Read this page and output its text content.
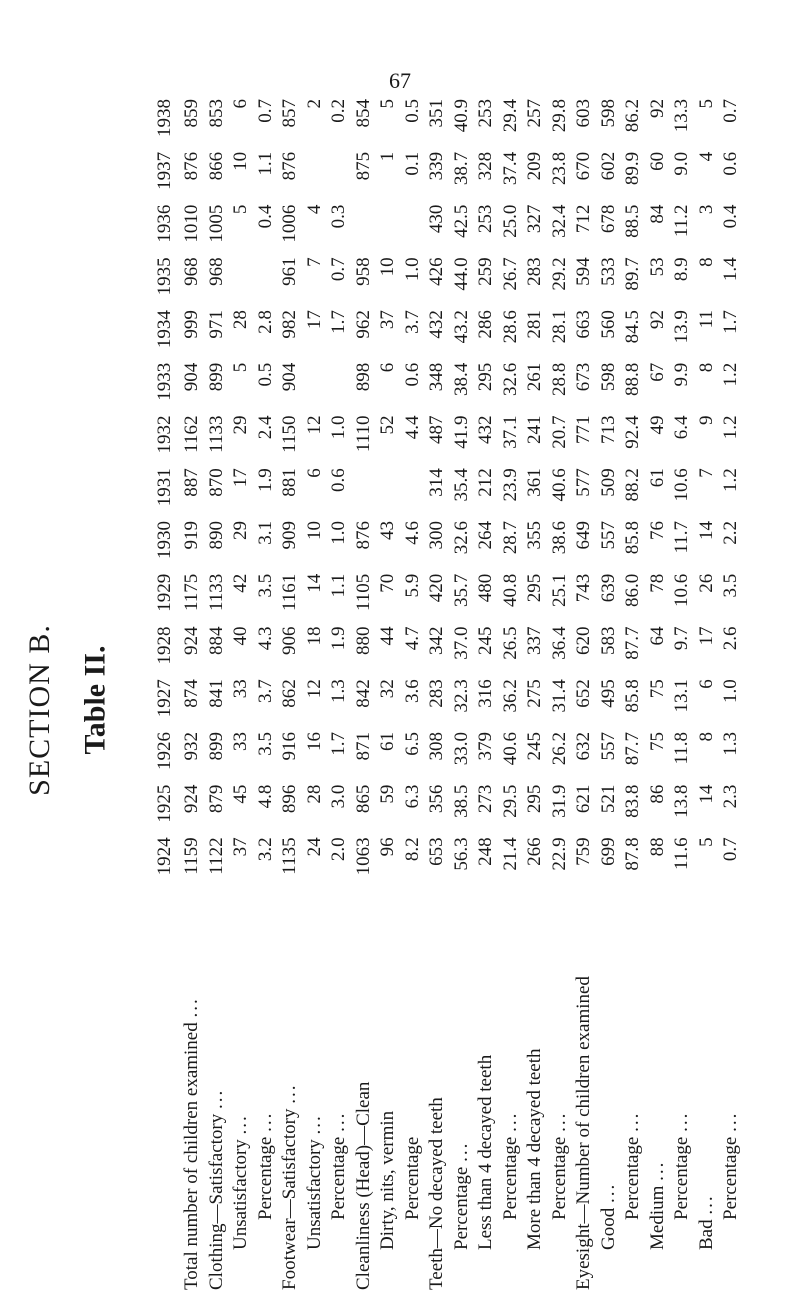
67
SECTION B. Table II.
	1924	1925	1926	1927	1928	1929	1930	1931	1932	1933	1934	1935	1936	1937	1938
Total number of children examined ...	1159	924	932	874	924	1175	919	887	1162	904	999	968	1010	876	859
Clothing—Satisfactory ...	1122	879	899	841	884	1133	890	870	1133	899	971	968	1005	866	853
Unsatisfactory ...	37	45	33	33	40	42	29	17	29	5	28		5	10	6
Percentage ...	3.2	4.8	3.5	3.7	4.3	3.5	3.1	1.9	2.4	0.5	2.8		0.4	1.1	0.7
Footwear—Satisfactory ...	1135	896	916	862	906	1161	909	881	1150	904	982	961	1006	876	857
Unsatisfactory ...	24	28	16	12	18	14	10	6	12		17	7	4		2
Percentage ...	2.0	3.0	1.7	1.3	1.9	1.1	1.0	0.6	1.0		1.7	0.7	0.3		0.2
Cleanliness (Head)—Clean	1063	865	871	842	880	1105	876		1110	898	962	958		875	854
Dirty, nits, vermin	96	59	61	32	44	70	43		52	6	37	10		1	5
Percentage	8.2	6.3	6.5	3.6	4.7	5.9	4.6		4.4	0.6	3.7	1.0		0.1	0.5
Teeth—No decayed teeth	653	356	308	283	342	420	300	314	487	348	432	426	430	339	351
Percentage ...	56.3	38.5	33.0	32.3	37.0	35.7	32.6	35.4	41.9	38.4	43.2	44.0	42.5	38.7	40.9
Less than 4 decayed teeth	248	273	379	316	245	480	264	212	432	295	286	259	253	328	253
Percentage ...	21.4	29.5	40.6	36.2	26.5	40.8	28.7	23.9	37.1	32.6	28.6	26.7	25.0	37.4	29.4
More than 4 decayed teeth	266	295	245	275	337	295	355	361	241	261	281	283	327	209	257
Percentage ...	22.9	31.9	26.2	31.4	36.4	25.1	38.6	40.6	20.7	28.8	28.1	29.2	32.4	23.8	29.8
Eyesight—Number of children examined	759	621	632	652	620	743	649	577	771	673	663	594	712	670	603
Good ...	699	521	557	495	583	639	557	509	713	598	560	533	678	602	598
Percentage ...	87.8	83.8	87.7	85.8	87.7	86.0	85.8	88.2	92.4	88.8	84.5	89.7	88.5	89.9	86.2
Medium ...	88	86	75	75	64	78	76	61	49	67	92	53	84	60	92
Percentage ...	11.6	13.8	11.8	13.1	9.7	10.6	11.7	10.6	6.4	9.9	13.9	8.9	11.2	9.0	13.3
Bad ...	5	14	8	6	17	26	14	7	9	8	11	8	3	4	5
Percentage ...	0.7	2.3	1.3	1.0	2.6	3.5	2.2	1.2	1.2	1.2	1.7	1.4	0.4	0.6	0.7
